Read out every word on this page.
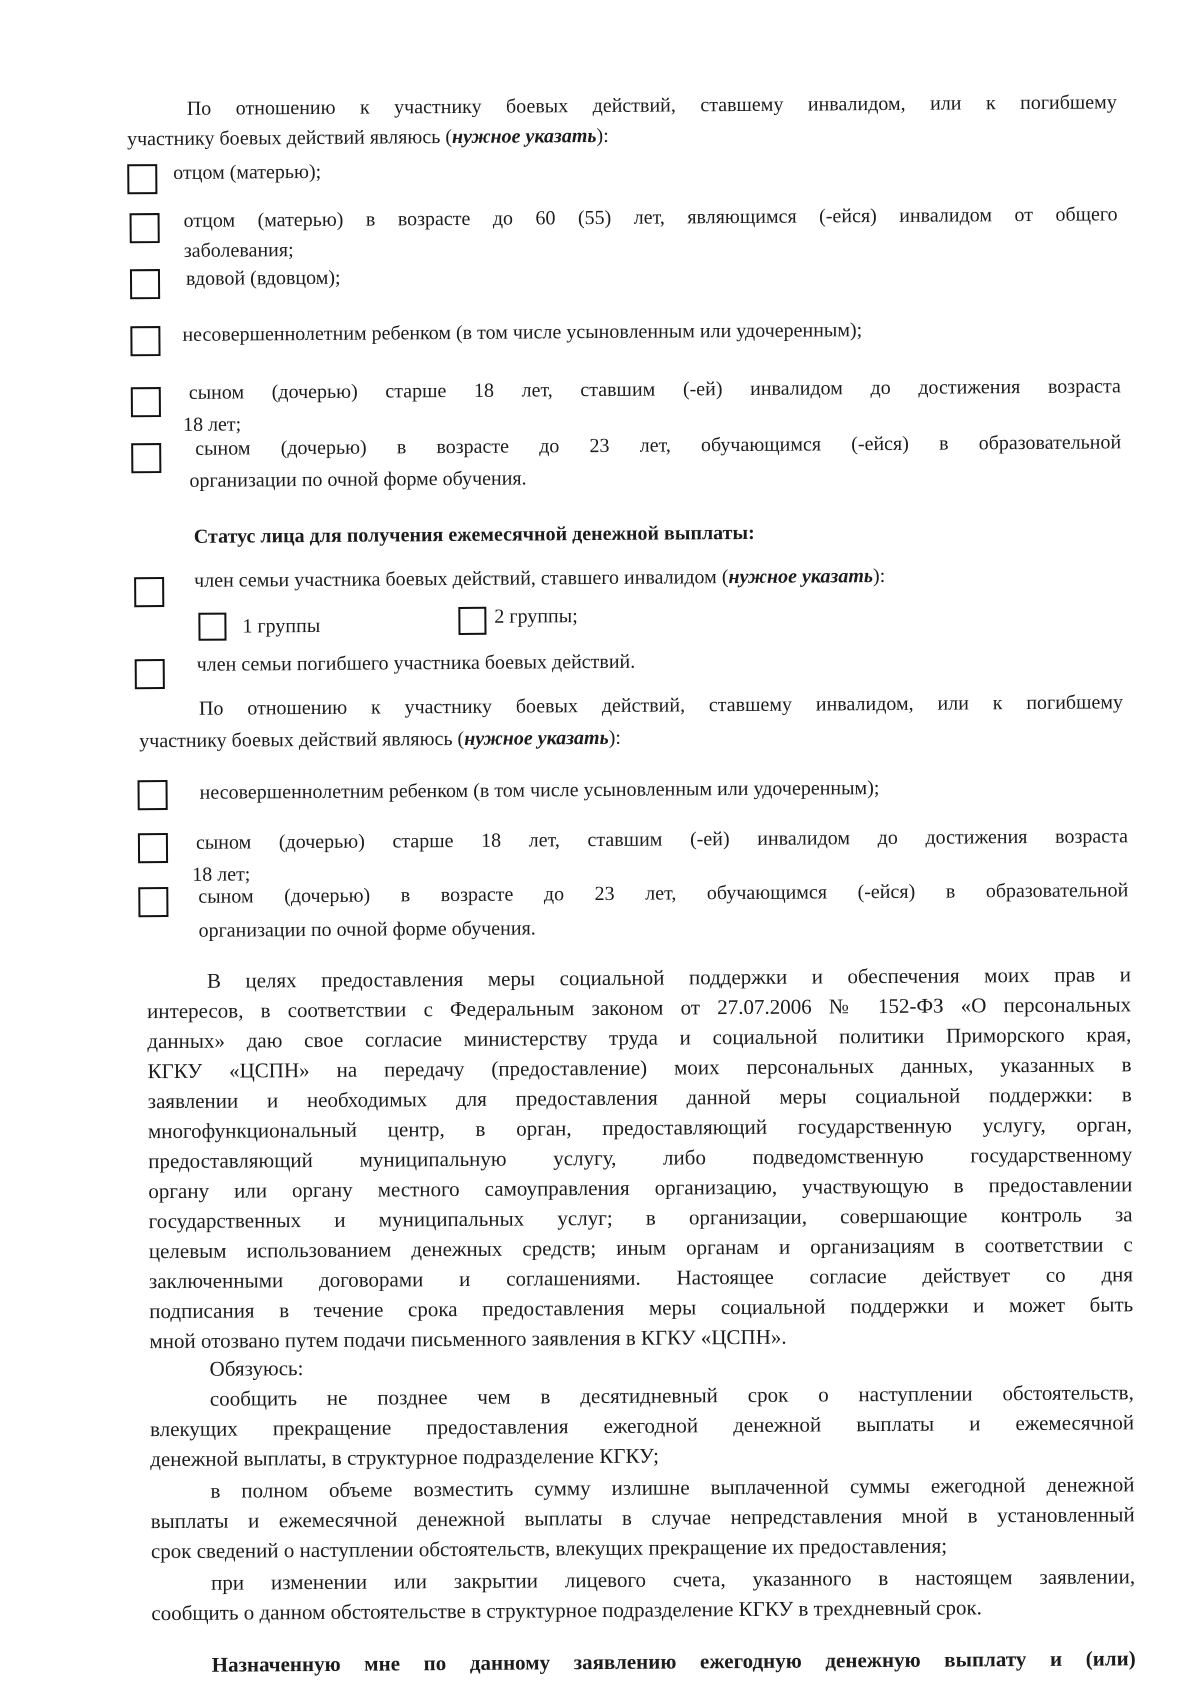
По отношению к участнику боевых действий, ставшему инвалидом, или к погибшему
участнику боевых действий являюсь (нужное указать):
отцом (матерью);
отцом (матерью) в возрасте до 60 (55) лет, являющимся (-ейся) инвалидом от общего
заболевания;
вдовой (вдовцом);
несовершеннолетним ребенком (в том числе усыновленным или удочеренным);
сыном (дочерью) старше 18 лет, ставшим (-ей) инвалидом до достижения возраста
18 лет;
сыном (дочерью) в возрасте до 23 лет, обучающимся (-ейся) в образовательной
организации по очной форме обучения.
Статус лица для получения ежемесячной денежной выплаты:
член семьи участника боевых действий, ставшего инвалидом (нужное указать):
1 группы	2 группы;
член семьи погибшего участника боевых действий.
По отношению к участнику боевых действий, ставшему инвалидом, или к погибшему
участнику боевых действий являюсь (нужное указать):
несовершеннолетним ребенком (в том числе усыновленным или удочеренным);
сыном (дочерью) старше 18 лет, ставшим (-ей) инвалидом до достижения возраста
18 лет;
сыном (дочерью) в возрасте до 23 лет, обучающимся (-ейся) в образовательной
организации по очной форме обучения.
В целях предоставления меры социальной поддержки и обеспечения моих прав и
интересов, в соответствии с Федеральным законом от 27.07.2006 № 152-ФЗ «О персональных
данных» даю свое согласие министерству труда и социальной политики Приморского края,
КГКУ «ЦСПН» на передачу (предоставление) моих персональных данных, указанных в
заявлении и необходимых для предоставления данной меры социальной поддержки: в
многофункциональный центр, в орган, предоставляющий государственную услугу, орган,
предоставляющий муниципальную услугу, либо подведомственную государственному
органу или органу местного самоуправления организацию, участвующую в предоставлении
государственных и муниципальных услуг; в организации, совершающие контроль за
целевым использованием денежных средств; иным органам и организациям в соответствии с
заключенными договорами и соглашениями. Настоящее согласие действует со дня
подписания в течение срока предоставления меры социальной поддержки и может быть
мной отозвано путем подачи письменного заявления в КГКУ «ЦСПН».
Обязуюсь:
сообщить не позднее чем в десятидневный срок о наступлении обстоятельств,
влекущих прекращение предоставления ежегодной денежной выплаты и ежемесячной
денежной выплаты, в структурное подразделение КГКУ;
в полном объеме возместить сумму излишне выплаченной суммы ежегодной денежной
выплаты и ежемесячной денежной выплаты в случае непредставления мной в установленный
срок сведений о наступлении обстоятельств, влекущих прекращение их предоставления;
при изменении или закрытии лицевого счета, указанного в настоящем заявлении,
сообщить о данном обстоятельстве в структурное подразделение КГКУ в трехдневный срок.
Назначенную мне по данному заявлению ежегодную денежную выплату и (или)
